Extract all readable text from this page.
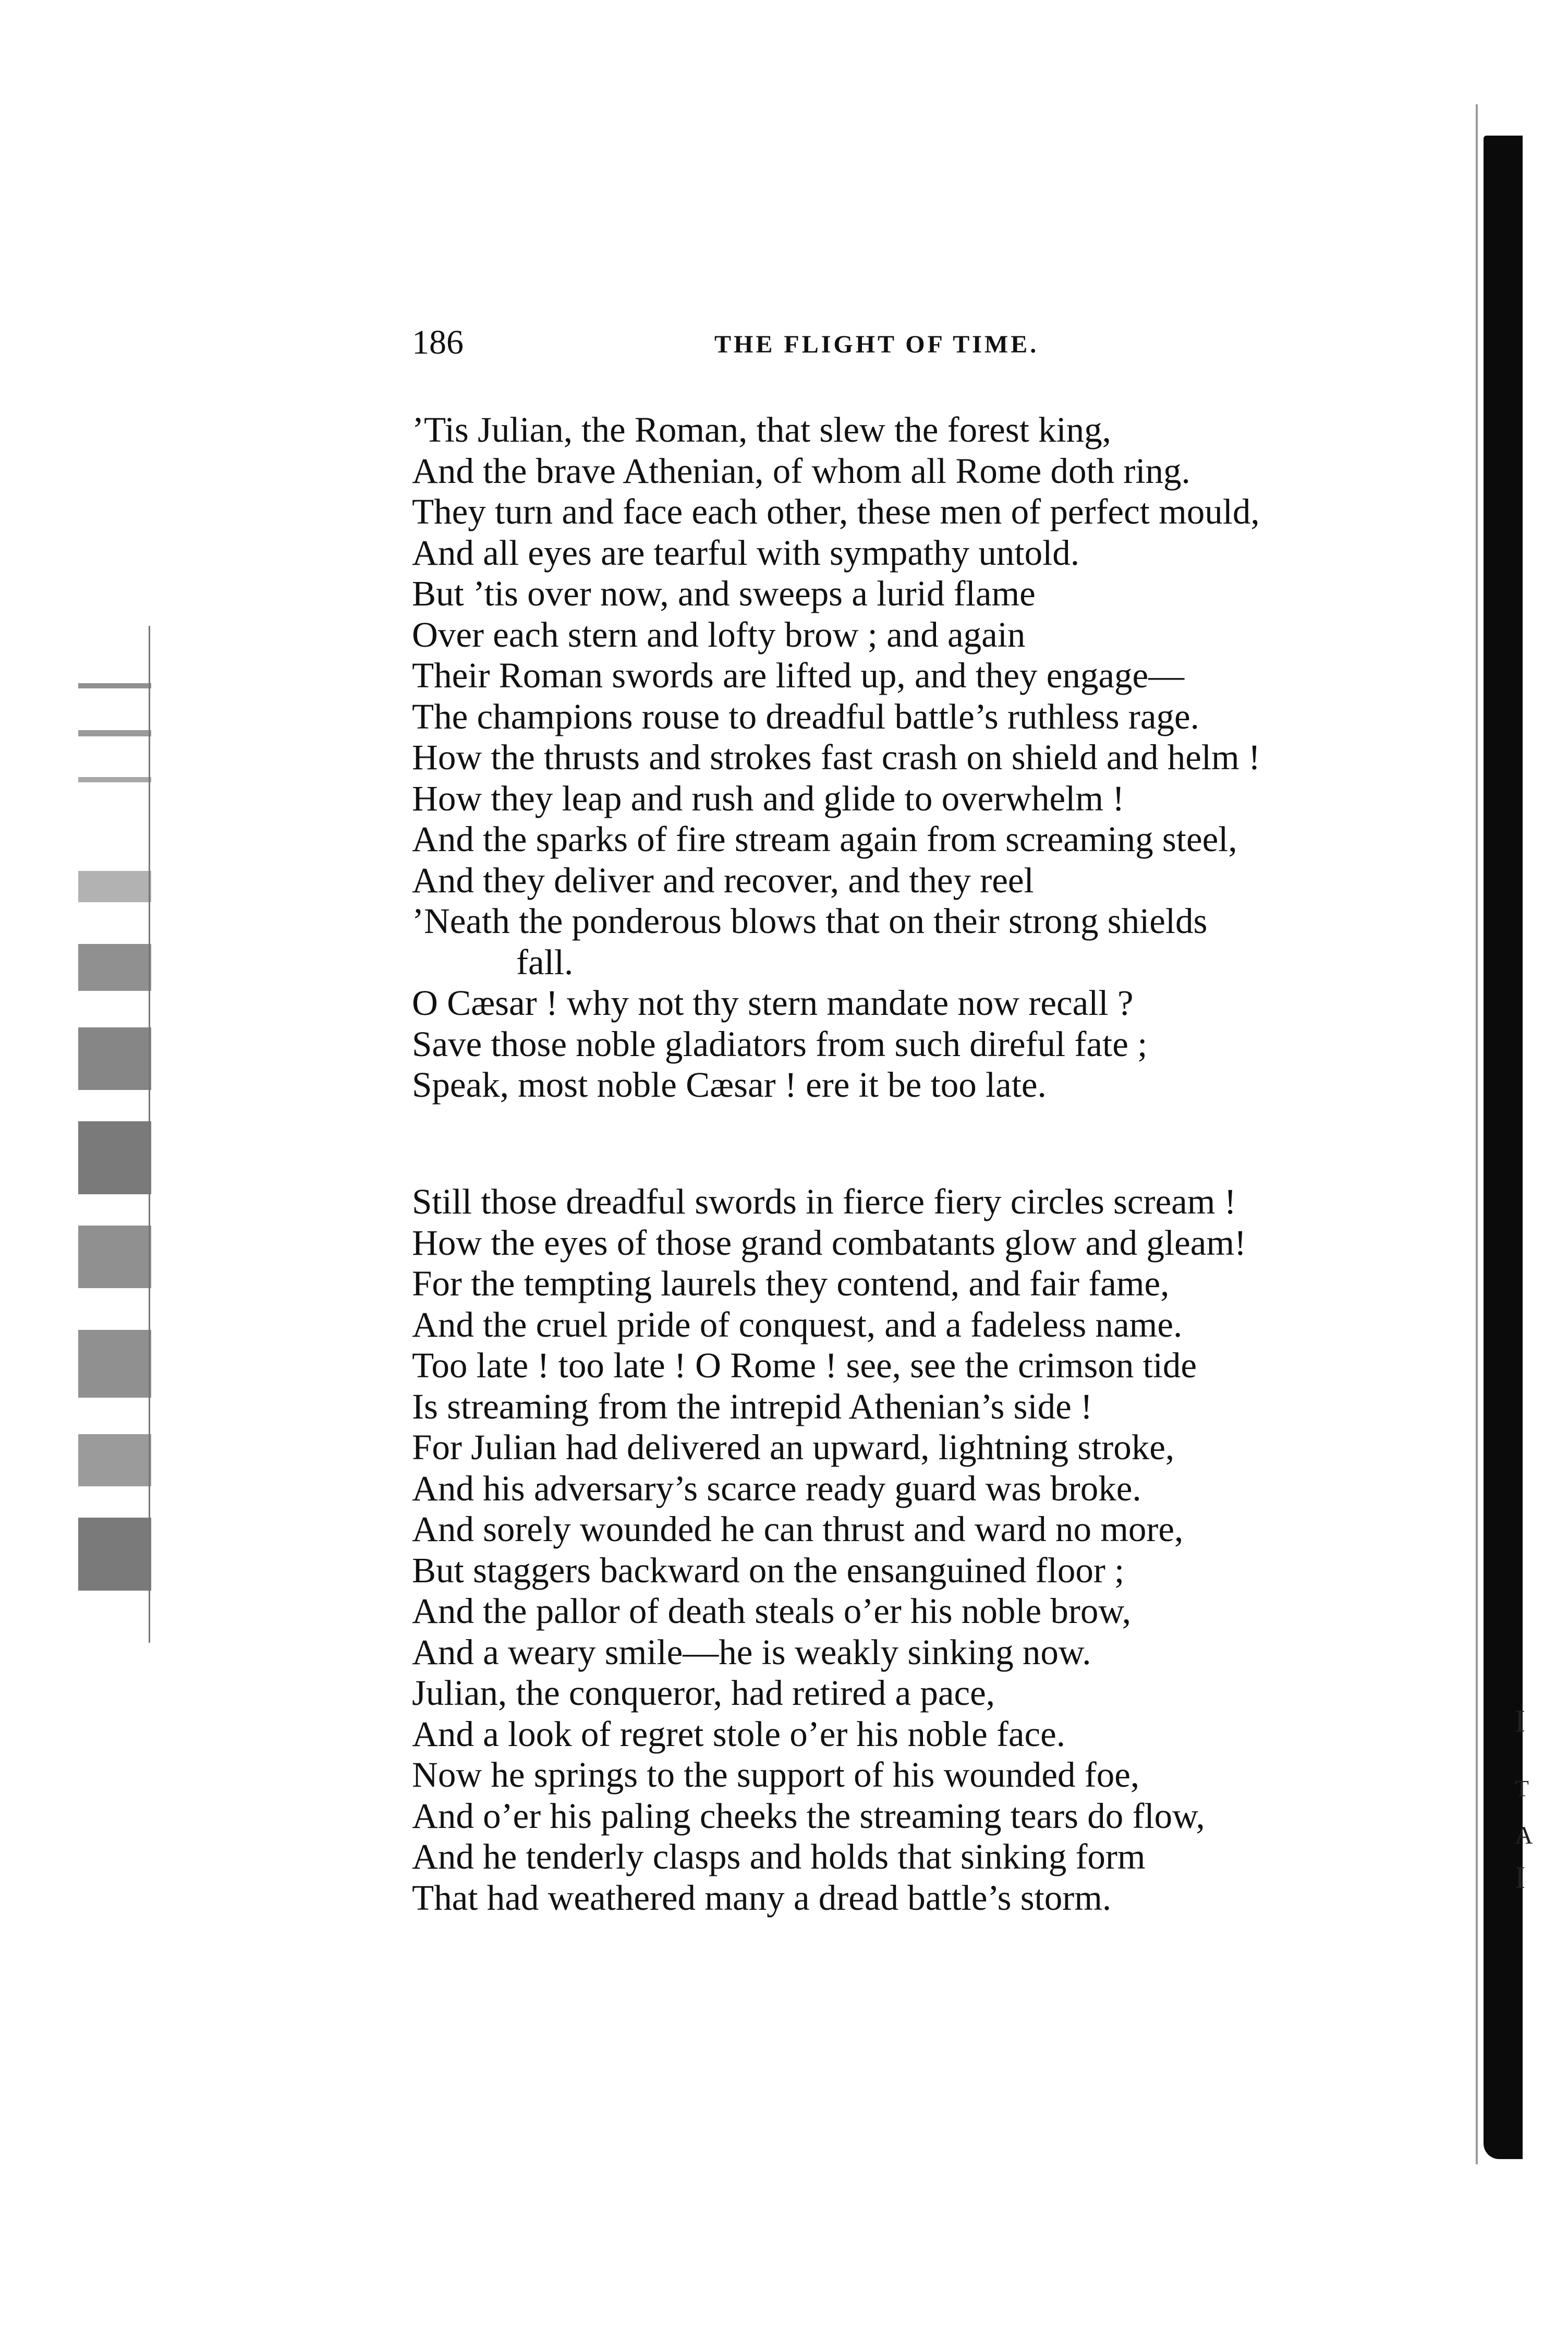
186	THE FLIGHT OF TIME.
’Tis Julian, the Roman, that slew the forest king,
And the brave Athenian, of whom all Rome doth ring.
They turn and face each other, these men of perfect mould,
And all eyes are tearful with sympathy untold.
But ’tis over now, and sweeps a lurid flame
Over each stern and lofty brow ; and again
Their Roman swords are lifted up, and they engage—
The champions rouse to dreadful battle’s ruthless rage.
How the thrusts and strokes fast crash on shield and helm !
How they leap and rush and glide to overwhelm !
And the sparks of fire stream again from screaming steel,
And they deliver and recover, and they reel
’Neath the ponderous blows that on their strong shields
fall.
O Cæsar ! why not thy stern mandate now recall ?
Save those noble gladiators from such direful fate ;
Speak, most noble Cæsar ! ere it be too late.
Still those dreadful swords in fierce fiery circles scream !
How the eyes of those grand combatants glow and gleam!
For the tempting laurels they contend, and fair fame,
And the cruel pride of conquest, and a fadeless name.
Too late ! too late ! O Rome ! see, see the crimson tide
Is streaming from the intrepid Athenian’s side !
For Julian had delivered an upward, lightning stroke,
And his adversary’s scarce ready guard was broke.
And sorely wounded he can thrust and ward no more,
But staggers backward on the ensanguined floor ;
And the pallor of death steals o’er his noble brow,
And a weary smile—he is weakly sinking now.
Julian, the conqueror, had retired a pace,
And a look of regret stole o’er his noble face.
Now he springs to the support of his wounded foe,
And o’er his paling cheeks the streaming tears do flow,
And he tenderly clasps and holds that sinking form
That had weathered many a dread battle’s storm.
I
T
A
I
